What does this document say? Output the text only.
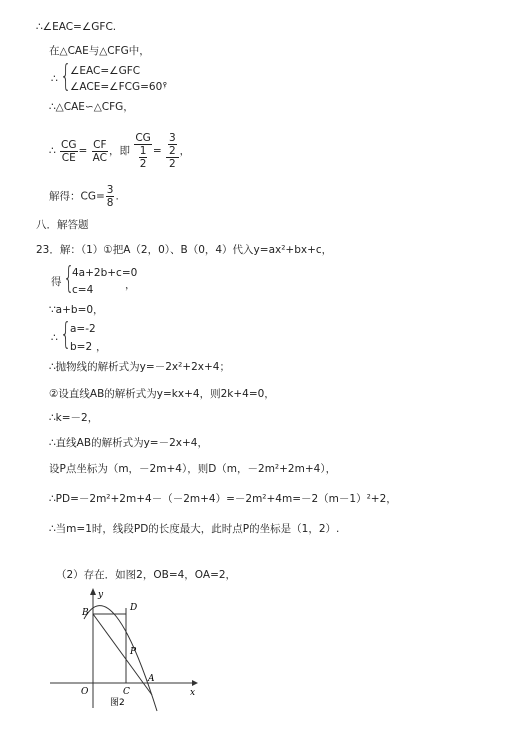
∴∠EAC=∠GFC.
在△CAE与△CFG中，
∴ {
∠EAC=∠GFC
∠ACE=∠FCG=60°
，
∴△CAE∽△CFG，
∴ $\frac{CG}{CE} = \frac{CF}{AC}$ ，即 $\frac{CG}{\frac{1}{2}} = \frac{\frac{3}{2}}{2}$ ，
解得：$CG= \frac{3}{8}$ .
八．解答题
23．解：（1）①把A（2，0）、B（0，4）代入y=ax²+bx+c，
得 {
4a+2b+c=0
c=4	，
∵a+b=0，
∴ {
a=-2
b=2 ，
∴抛物线的解析式为y=－2x²+2x+4；
②设直线AB的解析式为y=kx+4，则2k+4=0，
∴k=－2，
∴直线AB的解析式为y=－2x+4，
设P点坐标为（m，－2m+4），则D（m，－2m²+2m+4），
∴PD=－2m²+2m+4－（－2m+4）=－2m²+4m=－2（m－1）²+2，
∴当m=1时，线段PD的长度最大，此时点P的坐标是（1，2）.
（2）存在．如图2，OB=4，OA=2，
y
x
O
B	D
P
C
A
图2
